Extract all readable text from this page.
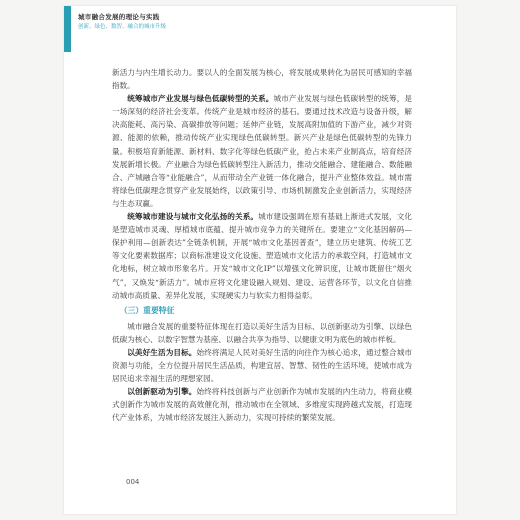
城市融合发展的理论与实践
创新、绿色、数智、融合的城市升级

新活力与内生增长动力。要以人的全面发展为核心，将发展成果转化为居民可感知的幸福指数。

统筹城市产业发展与绿色低碳转型的关系。城市产业发展与绿色低碳转型的统筹，是一场深刻的经济社会变革。传统产业是城市经济的基石。要通过技术改造与设备升级，解决高能耗、高污染、高碳排放等问题；延伸产业链，发展高附加值的下游产业，减少对资源、能源的依赖，推动传统产业实现绿色低碳转型。新兴产业是绿色低碳转型的先锋力量。积极培育新能源、新材料、数字化等绿色低碳产业，抢占未来产业制高点，培育经济发展新增长极。产业融合为绿色低碳转型注入新活力，推动交能融合、建能融合、数能融合、产城融合等“业能融合”，从而带动全产业链一体化融合，提升产业整体效益。城市需将绿色低碳理念贯穿产业发展始终，以政策引导、市场机制激发企业创新活力，实现经济与生态双赢。

统筹城市建设与城市文化弘扬的关系。城市建设强调在原有基础上渐进式发展，文化是塑造城市灵魂、厚植城市底蕴、提升城市竞争力的关键所在。要建立“文化基因解码—保护利用—创新表达”全链条机制，开展“城市文化基因普查”，建立历史建筑、传统工艺等文化要素数据库；以商标准建设文化设施、塑造城市文化活力的承载空间，打造城市文化地标，树立城市形象名片。开发“城市文化IP”以增强文化辨识度，让城市既留住“烟火气”，又焕发“新活力”。城市应将文化建设融入规划、建设、运营各环节，以文化自信推动城市高质量、差异化发展，实现硬实力与软实力相得益彰。

（三）重要特征

城市融合发展的重要特征体现在打造以美好生活为目标、以创新驱动为引擎、以绿色低碳为核心、以数字智慧为基座、以融合共享为指导、以健康文明为底色的城市样板。

以美好生活为目标。始终将满足人民对美好生活的向往作为核心追求，通过整合城市资源与功能，全方位提升居民生活品质，构建宜居、智慧、韧性的生活环境，使城市成为居民追求幸福生活的理想家园。

以创新驱动为引擎。始终将科技创新与产业创新作为城市发展的内生动力，将商业模式创新作为城市发展的高效催化剂，推动城市在全领域、多维度实现跨越式发展，打造现代产业体系，为城市经济发展注入新动力，实现可持续的繁荣发展。

004
